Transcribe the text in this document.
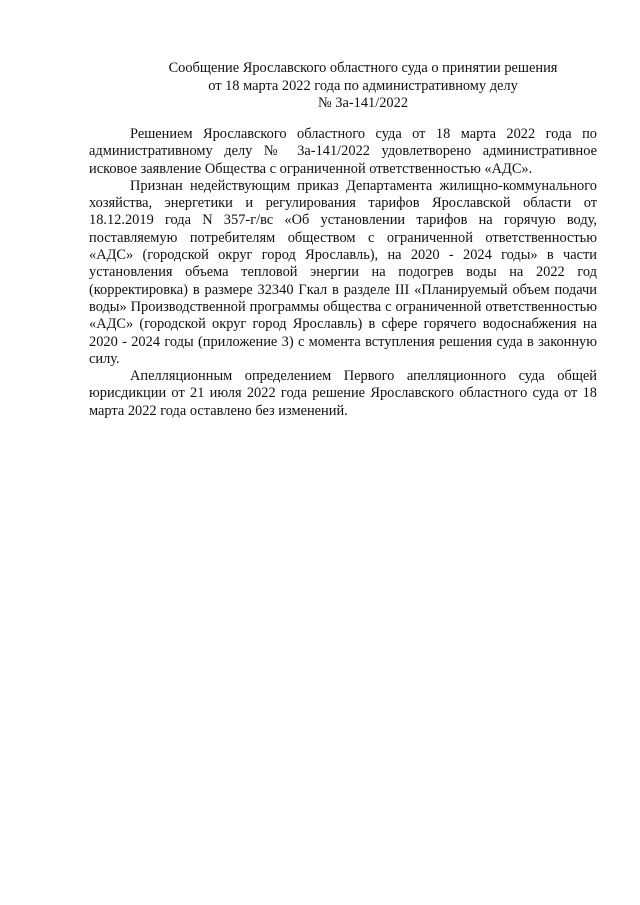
Сообщение Ярославского областного суда о принятии решения
от 18 марта 2022 года по административному делу
№ 3а-141/2022

Решением Ярославского областного суда от 18 марта 2022 года по административному делу № 3а-141/2022 удовлетворено административное исковое заявление Общества с ограниченной ответственностью «АДС».

Признан недействующим приказ Департамента жилищно-коммунального хозяйства, энергетики и регулирования тарифов Ярославской области от 18.12.2019 года N 357-г/вс «Об установлении тарифов на горячую воду, поставляемую потребителям обществом с ограниченной ответственностью «АДС» (городской округ город Ярославль), на 2020 - 2024 годы» в части установления объема тепловой энергии на подогрев воды на 2022 год (корректировка) в размере 32340 Гкал в разделе III «Планируемый объем подачи воды» Производственной программы общества с ограниченной ответственностью «АДС» (городской округ город Ярославль) в сфере горячего водоснабжения на 2020 - 2024 годы (приложение 3) с момента вступления решения суда в законную силу.

Апелляционным определением Первого апелляционного суда общей юрисдикции от 21 июля 2022 года решение Ярославского областного суда от 18 марта 2022 года оставлено без изменений.
